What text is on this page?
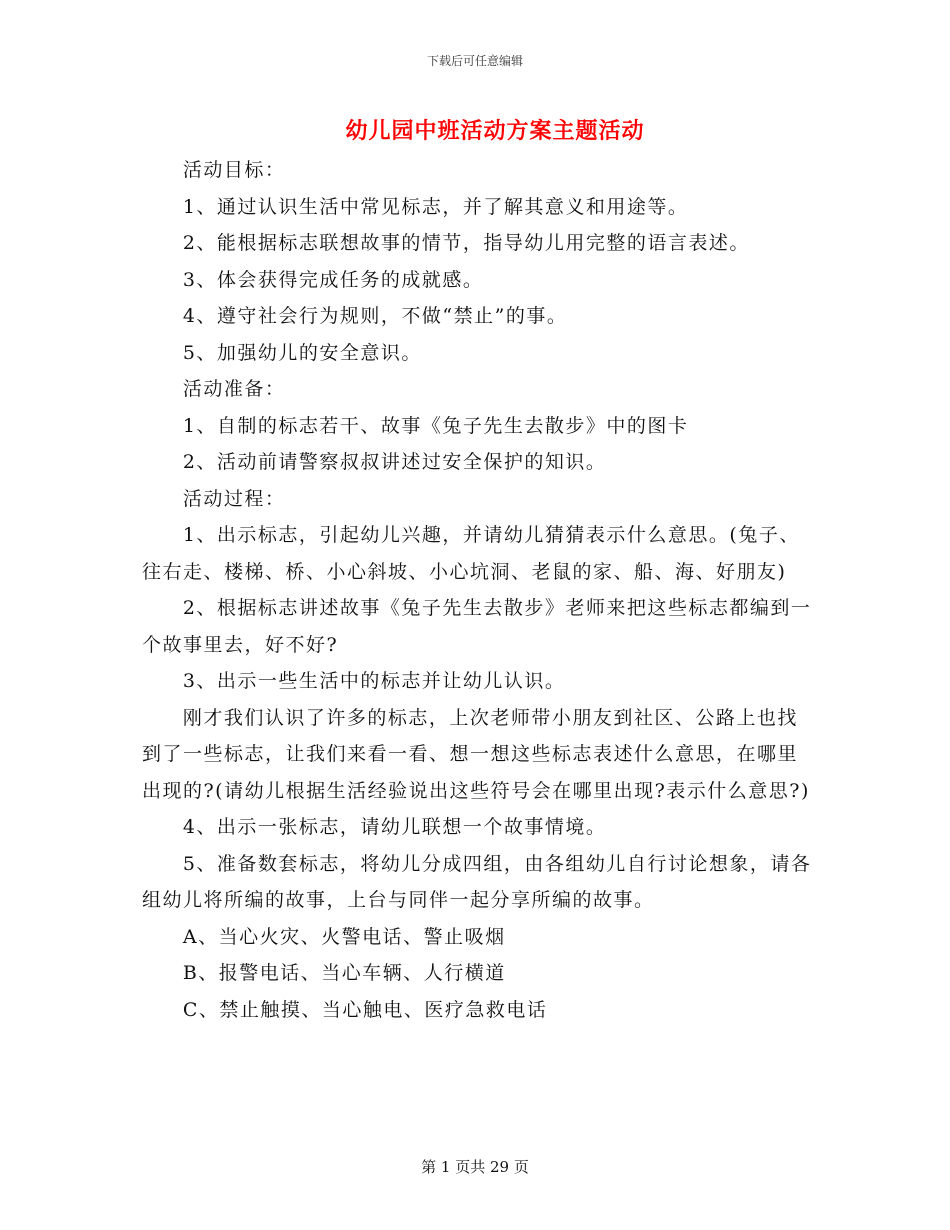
下载后可任意编辑
幼儿园中班活动方案主题活动

活动目标：

1、通过认识生活中常见标志，并了解其意义和用途等。

2、能根据标志联想故事的情节，指导幼儿用完整的语言表述。

3、体会获得完成任务的成就感。

4、遵守社会行为规则，不做“禁止”的事。

5、加强幼儿的安全意识。

活动准备：

1、自制的标志若干、故事《兔子先生去散步》中的图卡

2、活动前请警察叔叔讲述过安全保护的知识。

活动过程：

1、出示标志，引起幼儿兴趣，并请幼儿猜猜表示什么意思。(兔子、往右走、楼梯、桥、小心斜坡、小心坑洞、老鼠的家、船、海、好朋友)

2、根据标志讲述故事《兔子先生去散步》老师来把这些标志都编到一个故事里去，好不好?

3、出示一些生活中的标志并让幼儿认识。

刚才我们认识了许多的标志，上次老师带小朋友到社区、公路上也找到了一些标志，让我们来看一看、想一想这些标志表述什么意思，在哪里出现的?(请幼儿根据生活经验说出这些符号会在哪里出现?表示什么意思?)

4、出示一张标志，请幼儿联想一个故事情境。

5、准备数套标志，将幼儿分成四组，由各组幼儿自行讨论想象，请各组幼儿将所编的故事，上台与同伴一起分享所编的故事。

A、当心火灾、火警电话、警止吸烟

B、报警电话、当心车辆、人行横道

C、禁止触摸、当心触电、医疗急救电话

第 1 页共 29 页
